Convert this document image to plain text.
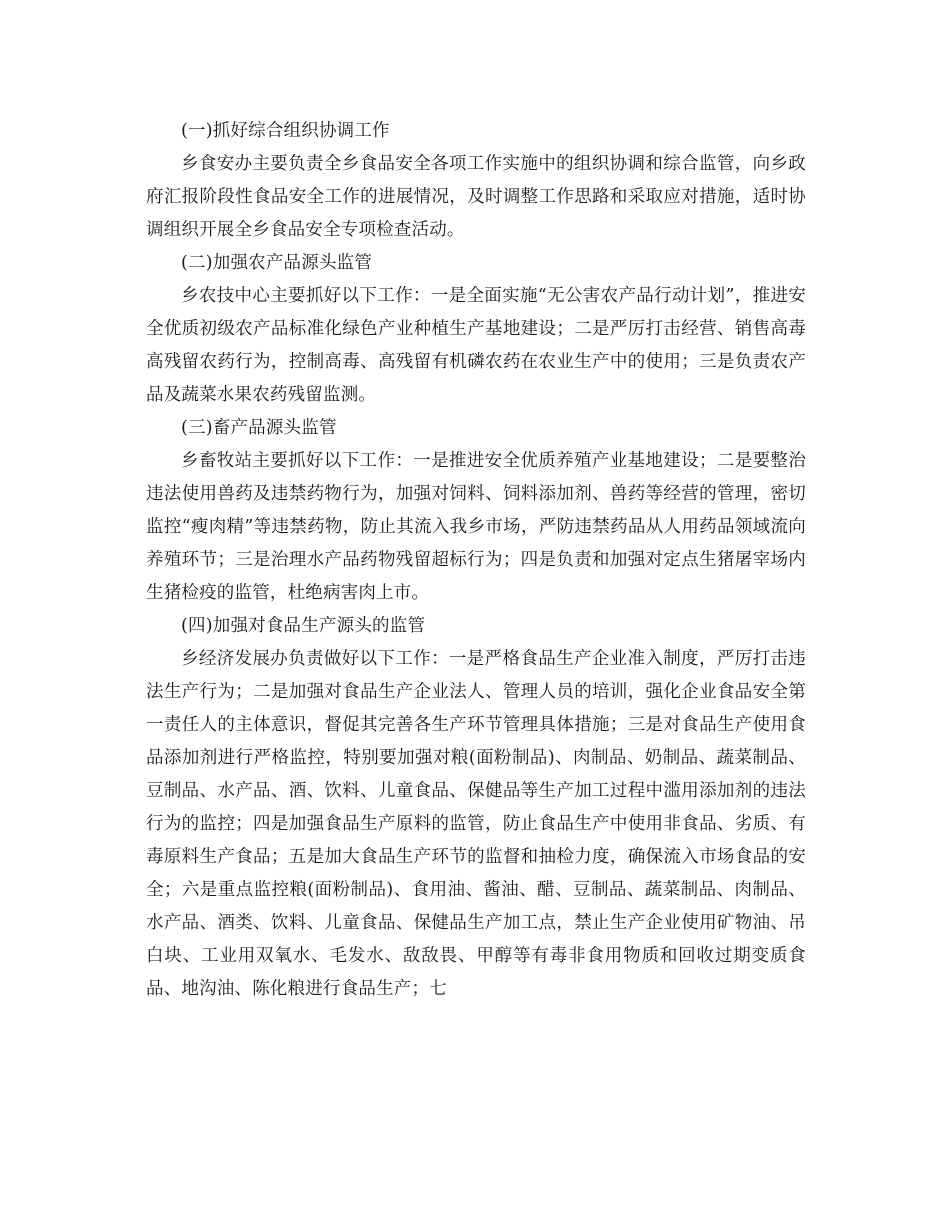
(一)抓好综合组织协调工作

乡食安办主要负责全乡食品安全各项工作实施中的组织协调和综合监管，向乡政府汇报阶段性食品安全工作的进展情况，及时调整工作思路和采取应对措施，适时协调组织开展全乡食品安全专项检查活动。

(二)加强农产品源头监管

乡农技中心主要抓好以下工作：一是全面实施“无公害农产品行动计划”，推进安全优质初级农产品标准化绿色产业种植生产基地建设；二是严厉打击经营、销售高毒高残留农药行为，控制高毒、高残留有机磷农药在农业生产中的使用；三是负责农产品及蔬菜水果农药残留监测。

(三)畜产品源头监管

乡畜牧站主要抓好以下工作：一是推进安全优质养殖产业基地建设；二是要整治违法使用兽药及违禁药物行为，加强对饲料、饲料添加剂、兽药等经营的管理，密切监控“瘦肉精”等违禁药物，防止其流入我乡市场，严防违禁药品从人用药品领域流向养殖环节；三是治理水产品药物残留超标行为；四是负责和加强对定点生猪屠宰场内生猪检疫的监管，杜绝病害肉上市。

(四)加强对食品生产源头的监管

乡经济发展办负责做好以下工作：一是严格食品生产企业准入制度，严厉打击违法生产行为；二是加强对食品生产企业法人、管理人员的培训，强化企业食品安全第一责任人的主体意识，督促其完善各生产环节管理具体措施；三是对食品生产使用食品添加剂进行严格监控，特别要加强对粮(面粉制品)、肉制品、奶制品、蔬菜制品、豆制品、水产品、酒、饮料、儿童食品、保健品等生产加工过程中滥用添加剂的违法行为的监控；四是加强食品生产原料的监管，防止食品生产中使用非食品、劣质、有毒原料生产食品；五是加大食品生产环节的监督和抽检力度，确保流入市场食品的安全；六是重点监控粮(面粉制品)、食用油、酱油、醋、豆制品、蔬菜制品、肉制品、水产品、酒类、饮料、儿童食品、保健品生产加工点，禁止生产企业使用矿物油、吊白块、工业用双氧水、毛发水、敌敌畏、甲醇等有毒非食用物质和回收过期变质食品、地沟油、陈化粮进行食品生产；七
